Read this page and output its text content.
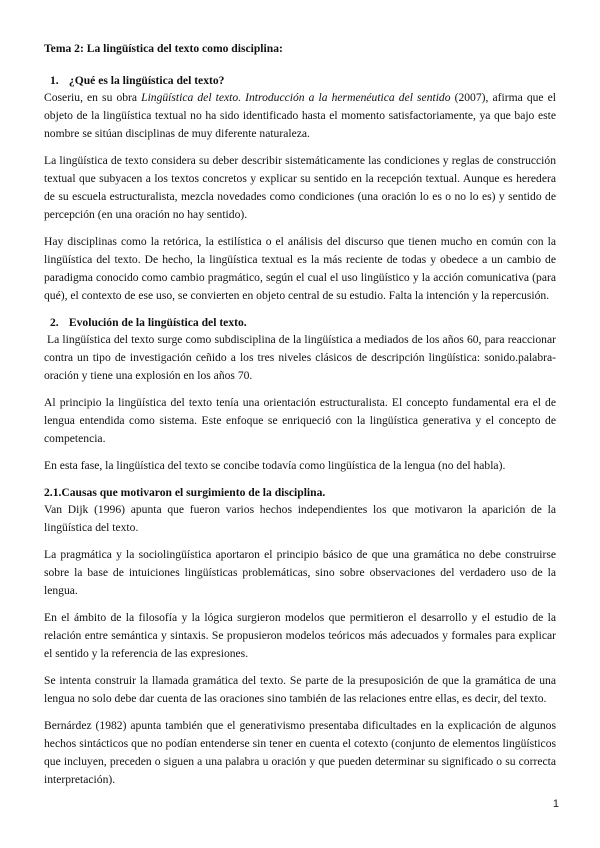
Tema 2: La lingüística del texto como disciplina:
1. ¿Qué es la lingüística del texto?

Coseriu, en su obra Lingüística del texto. Introducción a la hermenéutica del sentido (2007), afirma que el objeto de la lingüística textual no ha sido identificado hasta el momento satisfactoriamente, ya que bajo este nombre se sitúan disciplinas de muy diferente naturaleza.

La lingüística de texto considera su deber describir sistemáticamente las condiciones y reglas de construcción textual que subyacen a los textos concretos y explicar su sentido en la recepción textual. Aunque es heredera de su escuela estructuralista, mezcla novedades como condiciones (una oración lo es o no lo es) y sentido de percepción (en una oración no hay sentido).

Hay disciplinas como la retórica, la estilística o el análisis del discurso que tienen mucho en común con la lingüística del texto. De hecho, la lingüística textual es la más reciente de todas y obedece a un cambio de paradigma conocido como cambio pragmático, según el cual el uso lingüístico y la acción comunicativa (para qué), el contexto de ese uso, se convierten en objeto central de su estudio. Falta la intención y la repercusión.

2. Evolución de la lingüística del texto.

La lingüística del texto surge como subdisciplina de la lingüística a mediados de los años 60, para reaccionar contra un tipo de investigación ceñido a los tres niveles clásicos de descripción lingüística: sonido.palabra-oración y tiene una explosión en los años 70.

Al principio la lingüística del texto tenía una orientación estructuralista. El concepto fundamental era el de lengua entendida como sistema. Este enfoque se enriqueció con la lingüística generativa y el concepto de competencia.

En esta fase, la lingüística del texto se concibe todavía como lingüística de la lengua (no del habla).

2.1.Causas que motivaron el surgimiento de la disciplina.

Van Dijk (1996) apunta que fueron varios hechos independientes los que motivaron la aparición de la lingüística del texto.

La pragmática y la sociolingüística aportaron el principio básico de que una gramática no debe construirse sobre la base de intuiciones lingüísticas problemáticas, sino sobre observaciones del verdadero uso de la lengua.

En el ámbito de la filosofía y la lógica surgieron modelos que permitieron el desarrollo y el estudio de la relación entre semántica y sintaxis. Se propusieron modelos teóricos más adecuados y formales para explicar el sentido y la referencia de las expresiones.

Se intenta construir la llamada gramática del texto. Se parte de la presuposición de que la gramática de una lengua no solo debe dar cuenta de las oraciones sino también de las relaciones entre ellas, es decir, del texto.

Bernárdez (1982) apunta también que el generativismo presentaba dificultades en la explicación de algunos hechos sintácticos que no podían entenderse sin tener en cuenta el cotexto (conjunto de elementos lingüísticos que incluyen, preceden o siguen a una palabra u oración y que pueden determinar su significado o su correcta interpretación).

1
